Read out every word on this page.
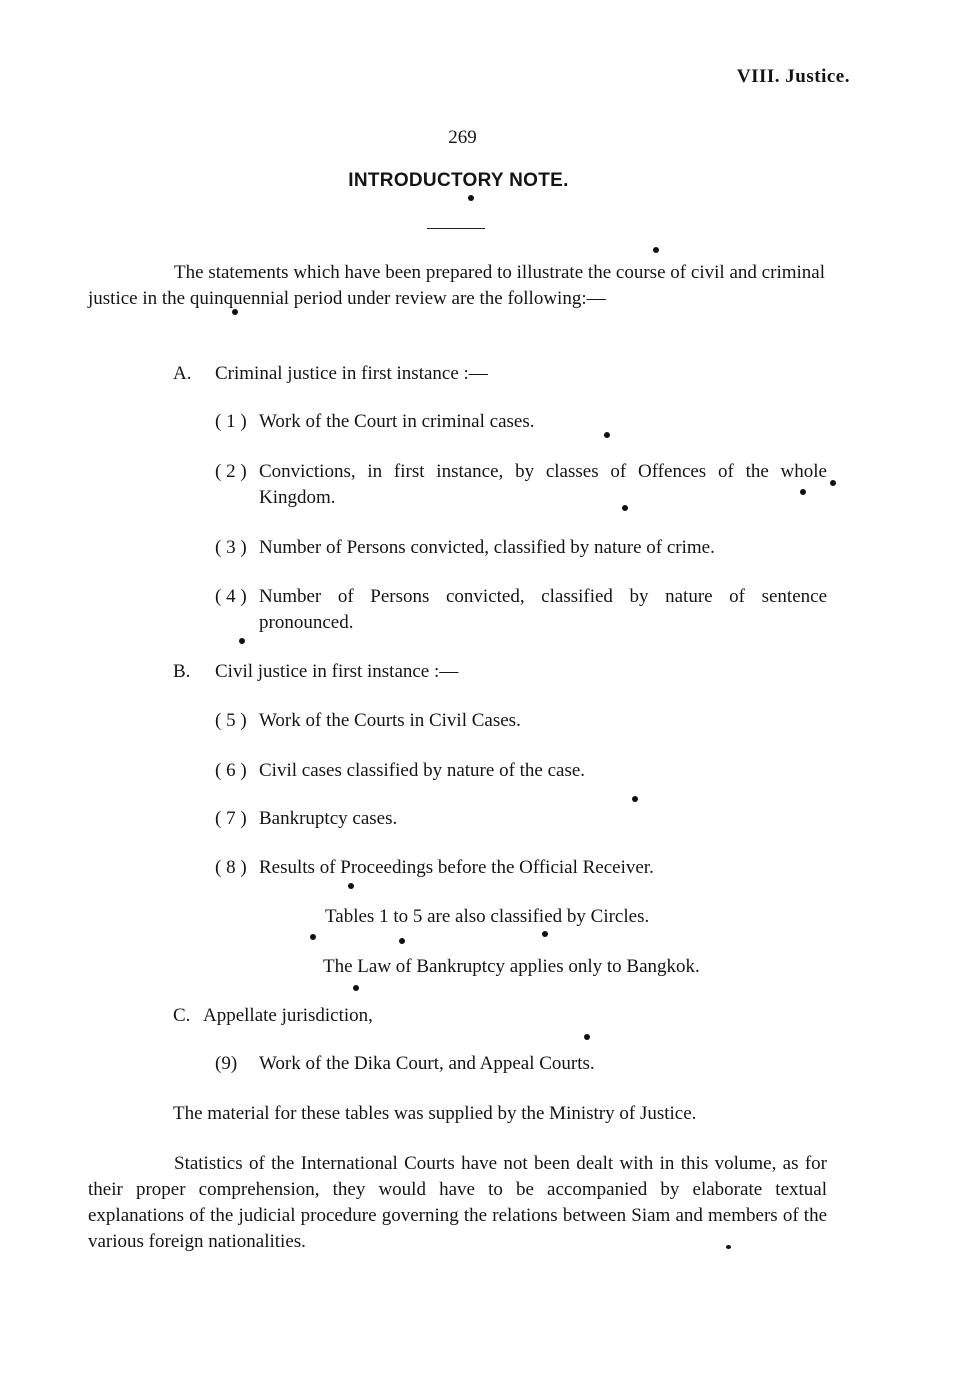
VIII. Justice.
269
INTRODUCTORY NOTE.

The statements which have been prepared to illustrate the course of civil and criminal justice in the quinquennial period under review are the following:—

A. Criminal justice in first instance :—
( 1 ) Work of the Court in criminal cases.
( 2 ) Convictions, in first instance, by classes of Offences of the whole Kingdom.
( 3 ) Number of Persons convicted, classified by nature of crime.
( 4 ) Number of Persons convicted, classified by nature of sentence pronounced.
B. Civil justice in first instance :—
( 5 ) Work of the Courts in Civil Cases.
( 6 ) Civil cases classified by nature of the case.
( 7 ) Bankruptcy cases.
( 8 ) Results of Proceedings before the Official Receiver.
Tables 1 to 5 are also classified by Circles.
The Law of Bankruptcy applies only to Bangkok.
C. Appellate jurisdiction,
(9)	Work of the Dika Court, and Appeal Courts.
The material for these tables was supplied by the Ministry of Justice.

Statistics of the International Courts have not been dealt with in this volume, as for their proper comprehension, they would have to be accompanied by elaborate textual explanations of the judicial procedure governing the relations between Siam and members of the various foreign nationalities.
